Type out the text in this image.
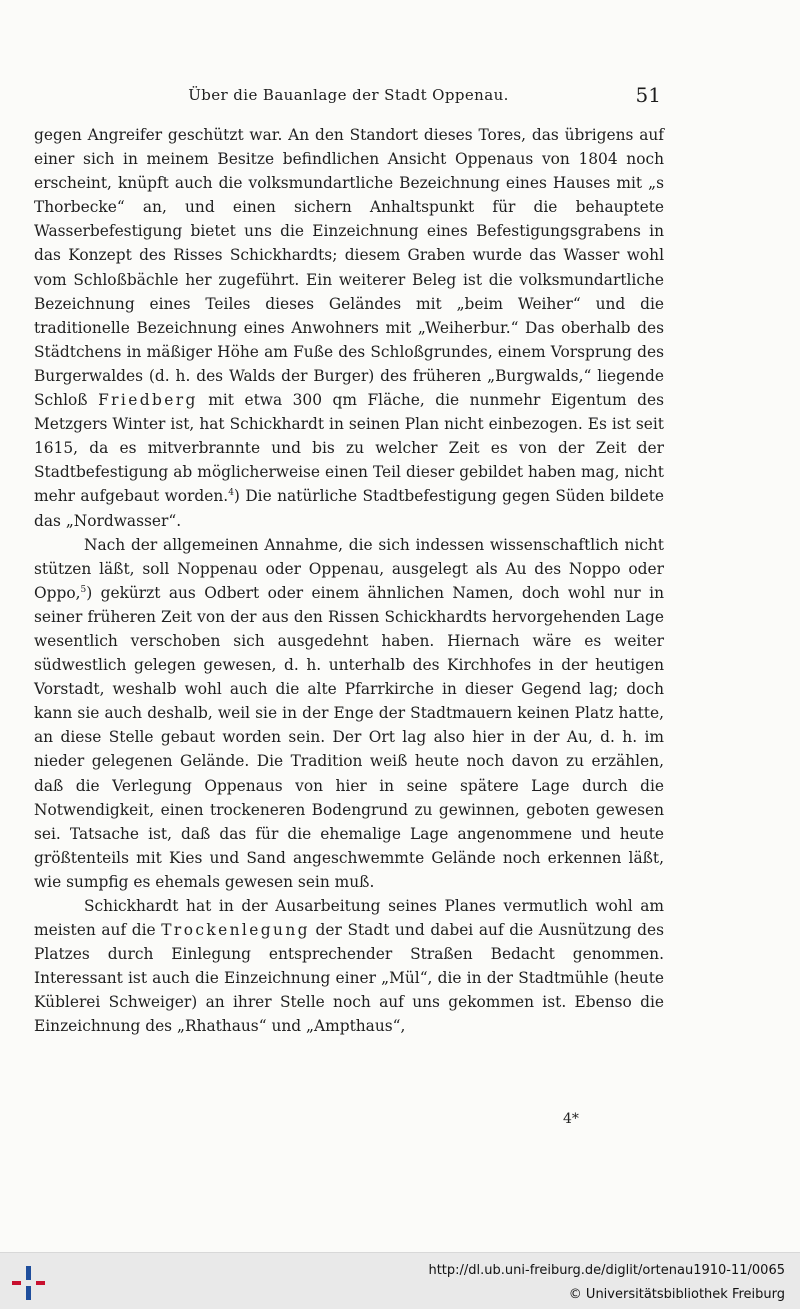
Über die Bauanlage der Stadt Oppenau.	51

gegen Angreifer geschützt war. An den Standort dieses Tores, das übrigens auf einer sich in meinem Besitze befindlichen Ansicht Oppenaus von 1804 noch erscheint, knüpft auch die volksmundartliche Bezeichnung eines Hauses mit „s Thorbecke“ an, und einen sichern Anhaltspunkt für die behauptete Wasserbefestigung bietet uns die Einzeichnung eines Befestigungsgrabens in das Konzept des Risses Schickhardts; diesem Graben wurde das Wasser wohl vom Schloßbächle her zugeführt. Ein weiterer Beleg ist die volksmundartliche Bezeichnung eines Teiles dieses Geländes mit „beim Weiher“ und die traditionelle Bezeichnung eines Anwohners mit „Weiherbur.“ Das oberhalb des Städtchens in mäßiger Höhe am Fuße des Schloßgrundes, einem Vorsprung des Burgerwaldes (d. h. des Walds der Burger) des früheren „Burgwalds,“ liegende Schloß Friedberg mit etwa 300 qm Fläche, die nunmehr Eigentum des Metzgers Winter ist, hat Schickhardt in seinen Plan nicht einbezogen. Es ist seit 1615, da es mitverbrannte und bis zu welcher Zeit es von der Zeit der Stadtbefestigung ab möglicherweise einen Teil dieser gebildet haben mag, nicht mehr aufgebaut worden.$^4$) Die natürliche Stadtbefestigung gegen Süden bildete das „Nordwasser“.

Nach der allgemeinen Annahme, die sich indessen wissenschaftlich nicht stützen läßt, soll Noppenau oder Oppenau, ausgelegt als Au des Noppo oder Oppo,$^5$) gekürzt aus Odbert oder einem ähnlichen Namen, doch wohl nur in seiner früheren Zeit von der aus den Rissen Schickhardts hervorgehenden Lage wesentlich verschoben sich ausgedehnt haben. Hiernach wäre es weiter südwestlich gelegen gewesen, d. h. unterhalb des Kirchhofes in der heutigen Vorstadt, weshalb wohl auch die alte Pfarrkirche in dieser Gegend lag; doch kann sie auch deshalb, weil sie in der Enge der Stadtmauern keinen Platz hatte, an diese Stelle gebaut worden sein. Der Ort lag also hier in der Au, d. h. im nieder gelegenen Gelände. Die Tradition weiß heute noch davon zu erzählen, daß die Verlegung Oppenaus von hier in seine spätere Lage durch die Notwendigkeit, einen trockeneren Bodengrund zu gewinnen, geboten gewesen sei. Tatsache ist, daß das für die ehemalige Lage angenommene und heute größtenteils mit Kies und Sand angeschwemmte Gelände noch erkennen läßt, wie sumpfig es ehemals gewesen sein muß.

Schickhardt hat in der Ausarbeitung seines Planes vermutlich wohl am meisten auf die Trockenlegung der Stadt und dabei auf die Ausnützung des Platzes durch Einlegung entsprechender Straßen Bedacht genommen. Interessant ist auch die Einzeichnung einer „Mül“, die in der Stadtmühle (heute Küblerei Schweiger) an ihrer Stelle noch auf uns gekommen ist. Ebenso die Einzeichnung des „Rhathaus“ und „Ampthaus“,

4*
http://dl.ub.uni-freiburg.de/diglit/ortenau1910-11/0065
© Universitätsbibliothek Freiburg
